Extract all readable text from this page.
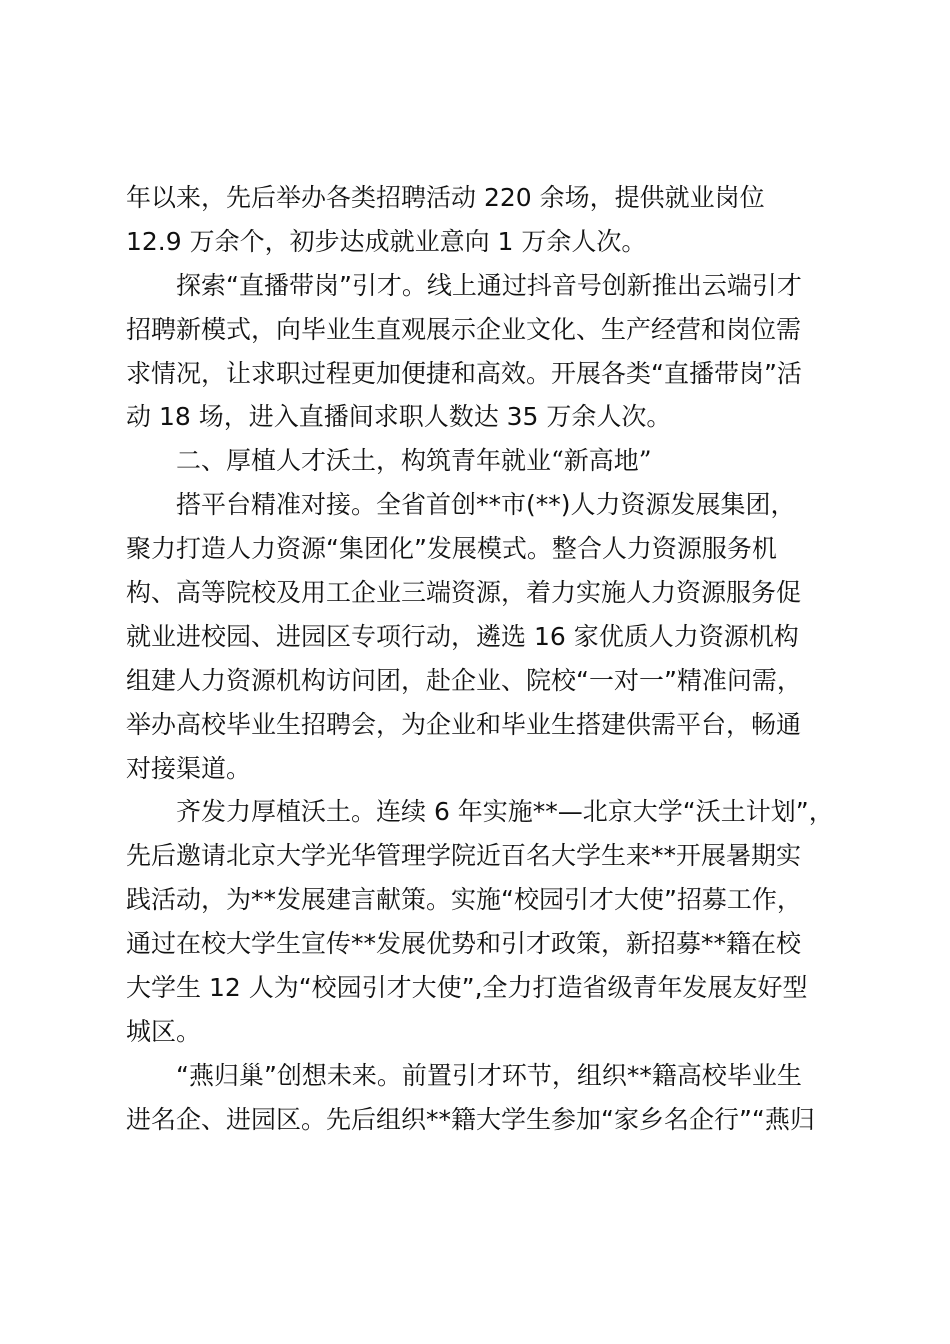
年以来，先后举办各类招聘活动 220 余场，提供就业岗位
12.9 万余个，初步达成就业意向 1 万余人次。
探索“直播带岗”引才。线上通过抖音号创新推出云端引才
招聘新模式，向毕业生直观展示企业文化、生产经营和岗位需
求情况，让求职过程更加便捷和高效。开展各类“直播带岗”活
动 18 场，进入直播间求职人数达 35 万余人次。
二、厚植人才沃土，构筑青年就业“新高地”
搭平台精准对接。全省首创**市(**)人力资源发展集团，
聚力打造人力资源“集团化”发展模式。整合人力资源服务机
构、高等院校及用工企业三端资源，着力实施人力资源服务促
就业进校园、进园区专项行动，遴选 16 家优质人力资源机构
组建人力资源机构访问团，赴企业、院校“一对一”精准问需，
举办高校毕业生招聘会，为企业和毕业生搭建供需平台，畅通
对接渠道。
齐发力厚植沃土。连续 6 年实施**—北京大学“沃土计划”，
先后邀请北京大学光华管理学院近百名大学生来**开展暑期实
践活动，为**发展建言献策。实施“校园引才大使”招募工作，
通过在校大学生宣传**发展优势和引才政策，新招募**籍在校
大学生 12 人为“校园引才大使”,全力打造省级青年发展友好型
城区。
“燕归巢”创想未来。前置引才环节，组织**籍高校毕业生
进名企、进园区。先后组织**籍大学生参加“家乡名企行”“燕归
